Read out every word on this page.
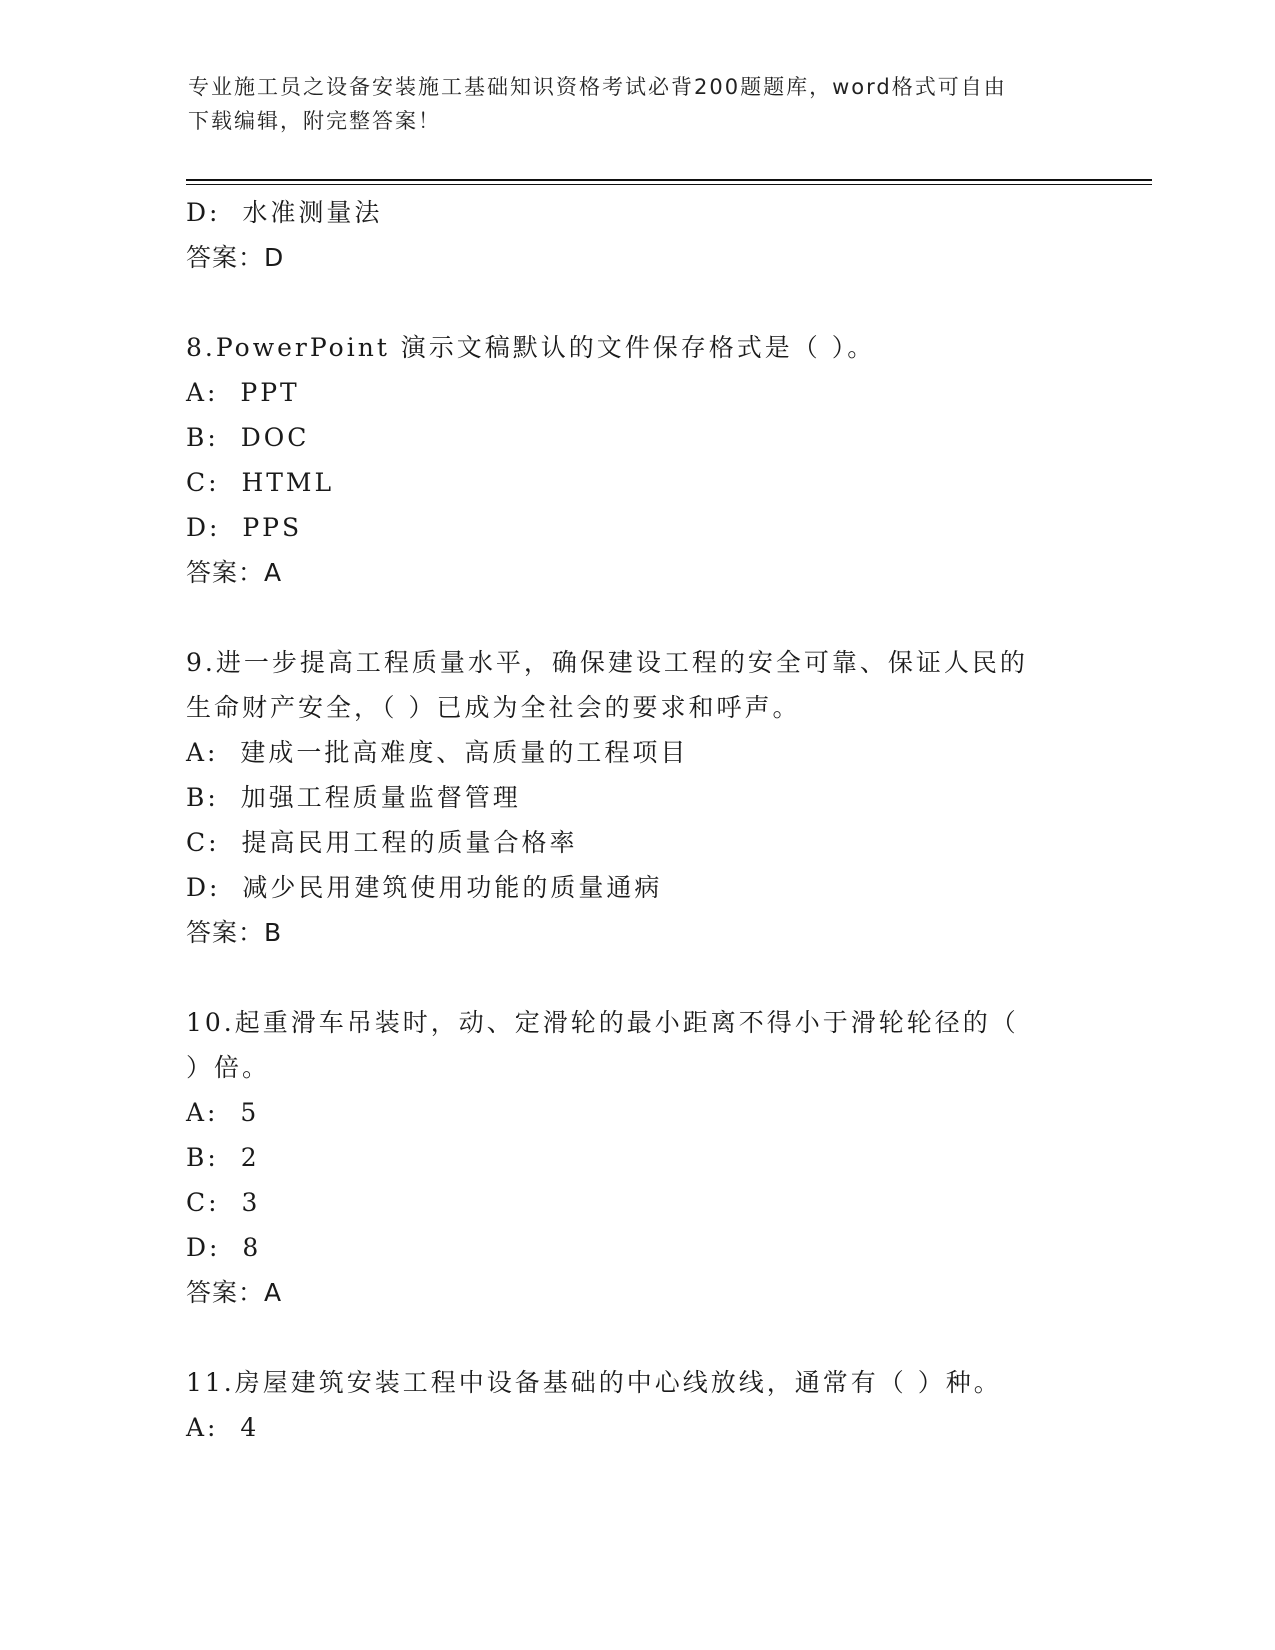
专业施工员之设备安装施工基础知识资格考试必背200题题库，word格式可自由
下载编辑，附完整答案！
D:  水准测量法
答案：D
8.PowerPoint 演示文稿默认的文件保存格式是（ ）。
A:  PPT
B:  DOC
C:  HTML
D:  PPS
答案：A
9.进一步提高工程质量水平，确保建设工程的安全可靠、保证人民的
生命财产安全，（ ）已成为全社会的要求和呼声。
A:  建成一批高难度、高质量的工程项目
B:  加强工程质量监督管理
C:  提高民用工程的质量合格率
D:  减少民用建筑使用功能的质量通病
答案：B
10.起重滑车吊装时，动、定滑轮的最小距离不得小于滑轮轮径的（
）倍。
A:  5
B:  2
C:  3
D:  8
答案：A
11.房屋建筑安装工程中设备基础的中心线放线，通常有（ ）种。
A:  4
